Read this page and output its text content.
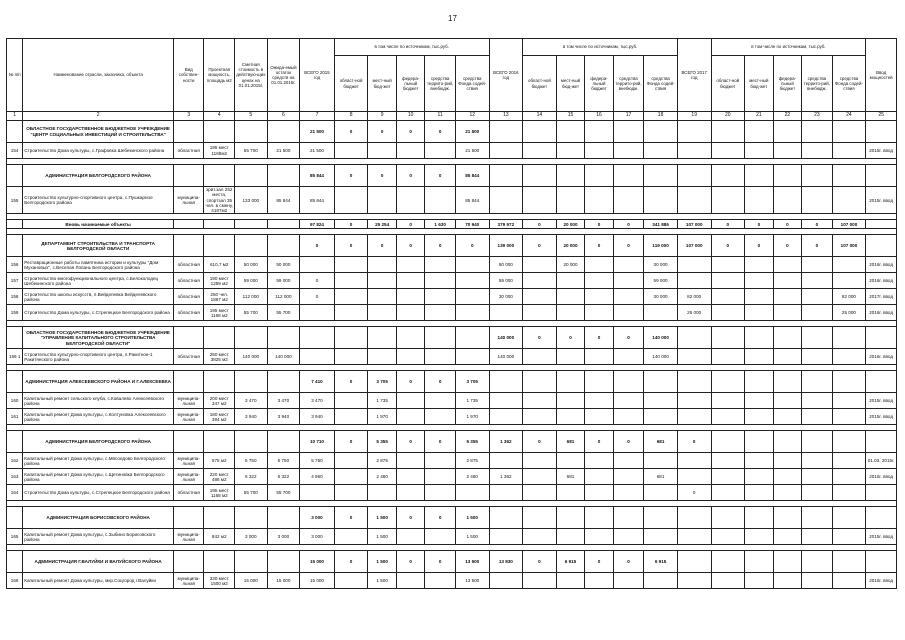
17
№ п/п	Наименование отрасли, заказчика, объекта	Вид собствен-ности	Проектная мощность, площадь м2	Сметная стоимость в действую-щих ценах на 01.01.2015г.	Ожида-емый остаток средств на 01.01.2015г.	ВСЕГО 2015 год	в том числе по источникам, тыс.руб.					ВСЕГО 2016 год	в том числе по источникам, тыс.руб.					ВСЕГО 2017 год	в том числе по источникам, тыс.руб.					Ввод мощностей
							област-ной бюджет	мест-ный бюд-жет	федера-льный бюджет	средства террито-рий, внебюдж.	средства Фонда содей-ствия		област-ной бюджет	мест-ный бюд-жет	федера-льный бюджет	средства террито-рий, внебюдж.	средства Фонда содей-ствия		област-ной бюджет	мест-ный бюд-жет	федера-льный бюджет	средства террито-рий, внебюдж.	средства Фонда содей-ствия	
1	2	3	4	5	6	7	8	9	10	11	12	13	14	15	16	17	18	19	20	21	22	23	24	25
	ОБЛАСТНОЕ ГОСУДАРСТВЕННОЕ БЮДЖЕТНОЕ УЧРЕЖДЕНИЕ "ЦЕНТР СОЦИАЛЬНЫХ ИНВЕСТИЦИЙ И СТРОИТЕЛЬСТВА"					21 500	0	0	0	0	21 500													
154	Строительство Дома культуры, с.Графовка Шебекинского района	областная	195 мест 1168м2	55 700	21 500	21 500					21 500													2015г. ввод

	АДМИНИСТРАЦИЯ БЕЛГОРОДСКОГО РАЙОНА					85 844	0	0	0	0	85 844													
155	Строительство культурно-спортивного центра, с.Пушкарное Белгородского района	муниципа-льная	зрит.зал 252 места, спортзал 35 чел. в смену, 4187м2	133 000	85 844	85 844					85 844													2015г. ввод

	Вновь начинаемые объекты					97 824	0	25 254	0	1 630	70 940	379 972	0	20 000	0	0	341 886	107 000	0	0	0	0	107 000	

	ДЕПАРТАМЕНТ СТРОИТЕЛЬСТВА И ТРАНСПОРТА БЕЛГОРОДСКОЙ ОБЛАСТИ					0	0	0	0	0	0	139 000	0	20 000	0	0	119 000	107 000	0	0	0	0	107 000	
156	Реставрационные работы памятника истории и культуры "Дом Мухановых", с.Веселая Лопань Белгородского района	областная	610,7 м2	50 000	50 000							50 000		20 000			30 000							2016г. ввод
157	Строительство многофункционального центра, с.Белоколодец Шебекинского района	областная	190 мест 1259 м2	59 000	59 000	0						59 000					59 000							2016г. ввод
158	Строительство школы искусств, п.Вейделевка Вейделевского района	областная	250 чел. 1867 м2	112 000	112 000	0						30 000					30 000	82 000					82 000	2017г. ввод
159	Строительство Дома культуры, с.Стрелецкое Белгородского района	областная	195 мест 1168 м2	55 700	55 700													25 000					25 000	2016г. ввод

	ОБЛАСТНОЕ ГОСУДАРСТВЕННОЕ БЮДЖЕТНОЕ УЧРЕЖДЕНИЕ "УПРАВЛЕНИЕ КАПИТАЛЬНОГО СТРОИТЕЛЬСТВА БЕЛГОРОДСКОЙ ОБЛАСТИ"											140 000	0	0	0	0	140 000							
159 1	Строительство культурно-спортивного центра, п.Ракитное-1 Ракитянского района	областная	250 мест 3825 м2	140 000	140 000							140 000					140 000							2016г. ввод

	АДМИНИСТРАЦИЯ АЛЕКСЕЕВСКОГО РАЙОНА И Г.АЛЕКСЕЕВКА					7 410	0	3 705	0	0	3 705													
160	Капитальный ремонт сельского клуба, с.Ковалево Алексеевского района	муниципа-льная	200 мест 347 м2	3 470	3 470	3 470		1 735			1 735													2015г. ввод
161	Капитальный ремонт Дома культуры, с.Колтуновка Алексеевского района	муниципа-льная	180 мест 394 м2	3 940	3 940	3 940		1 970			1 970													2015г. ввод

	АДМИНИСТРАЦИЯ БЕЛГОРОДСКОГО РАЙОНА					10 710	0	5 355	0	0	5 355	1 362	0	681	0	0	681	0						
162	Капитальный ремонт Дома культуры, с.Мясоедово Белгородского района	муниципа-льная	575 м2	5 750	5 750	5 750		2 875			2 875													01.03. 2015г.
163	Капитальный ремонт Дома культуры, с.Щетиновка Белгородского района	муниципа-льная	220 мест 486 м2	6 322	6 322	4 960		2 480			2 480	1 362		681			681							2015г. ввод
164	Строительство Дома культуры, с.Стрелецкое Белгородского района	областная	195 мест 1168 м2	55 700	55 700													0						

	АДМИНИСТРАЦИЯ БОРИСОВСКОГО РАЙОНА					3 000	0	1 500	0	0	1 500													
165	Капитальный ремонт Дома культуры, с.Зыбино Борисовского района	муниципа-льная	842 м2	3 000	3 000	3 000		1 500			1 500													2015г. ввод

	АДМИНИСТРАЦИЯ Г.ВАЛУЙКИ И ВАЛУЙСКОГО РАЙОНА					15 000	0	1 500	0	0	13 500	13 830	0	6 915	0	0	6 915							
166	Капитальный ремонт Дома культуры, мкр.Соцгород г.Валуйки	муниципа-льная	330 мест 1500 м2	15 000	15 000	15 000		1 500			13 500													2015г. ввод
